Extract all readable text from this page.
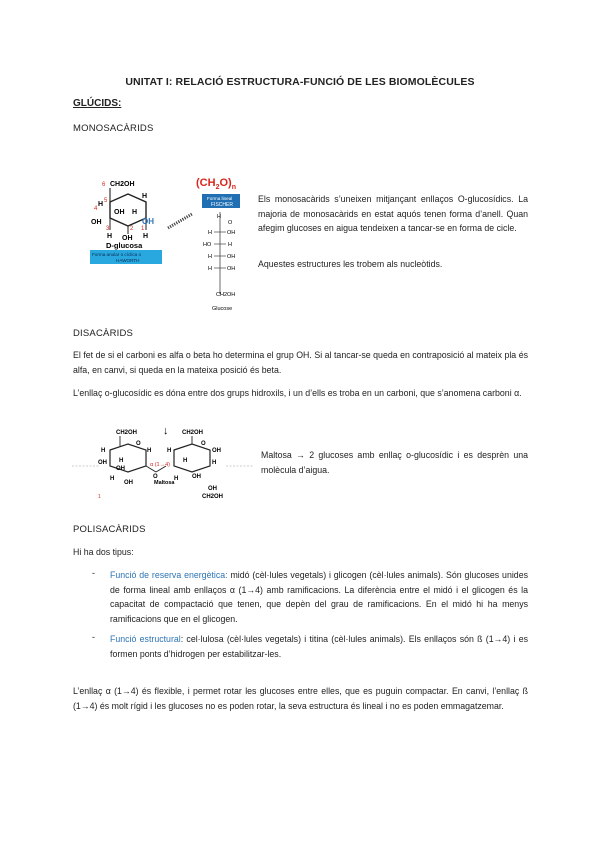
UNITAT I: RELACIÓ ESTRUCTURA-FUNCIÓ DE LES BIOMOLÈCULES
GLÚCIDS:
MONOSACÀRIDS
CH2OH
6
5
4
H
OH
H
OH
H
OH
3	2 1
H OH H
D-glucosa
Forma anular o cíclica o
HAWORTH
$(CH_2O)_n$
Forma lineal
FISCHER
H
O
H	OH
HO	H
H	OH
H	OH
CH2OH
Glucose
Els monosacàrids s’uneixen mitjançant enllaços O-glucosídics. La majoria de monosacàrids en estat aquós tenen forma d’anell. Quan afegim glucoses en aigua tendeixen a tancar-se en forma de cicle.
Aquestes estructures les trobem als nucleòtids.
DISACÀRIDS
El fet de si el carboni es alfa o beta ho determina el grup OH. Si al tancar-se queda en contraposició al mateix pla és alfa, en canvi, si queda en la mateixa posició és beta.
L’enllaç o-glucosídic es dóna entre dos grups hidroxils, i un d’ells es troba en un carboni, que s’anomena carboni α.
CH2OH
O
H
OH H
OH
H
H
OH
O
↓
α (1→4)
Maltosa
CH2OH
O
H
H
OH
H
OH
H
OH
CH2OH
1
Maltosa → 2 glucoses amb enllaç o-glucosídic i es desprèn una molècula d’aigua.
POLISACÀRIDS
Hi ha dos tipus:
- Funció de reserva energètica: midó (cèl·lules vegetals) i glicogen (cèl·lules animals). Són glucoses unides de forma lineal amb enllaços α (1→4) amb ramificacions. La diferència entre el midó i el glicogen és la capacitat de compactació que tenen, que depèn del grau de ramificacions. En el midó hi ha menys ramificacions que en el glicogen.
- Funció estructural: cel·lulosa (cèl·lules vegetals) i titina (cèl·lules animals). Els enllaços són ß (1→4) i es formen ponts d’hidrogen per estabilitzar-les.
L’enllaç α (1→4) és flexible, i permet rotar les glucoses entre elles, que es puguin compactar. En canvi, l’enllaç ß (1→4) és molt rígid i les glucoses no es poden rotar, la seva estructura és lineal i no es poden emmagatzemar.
